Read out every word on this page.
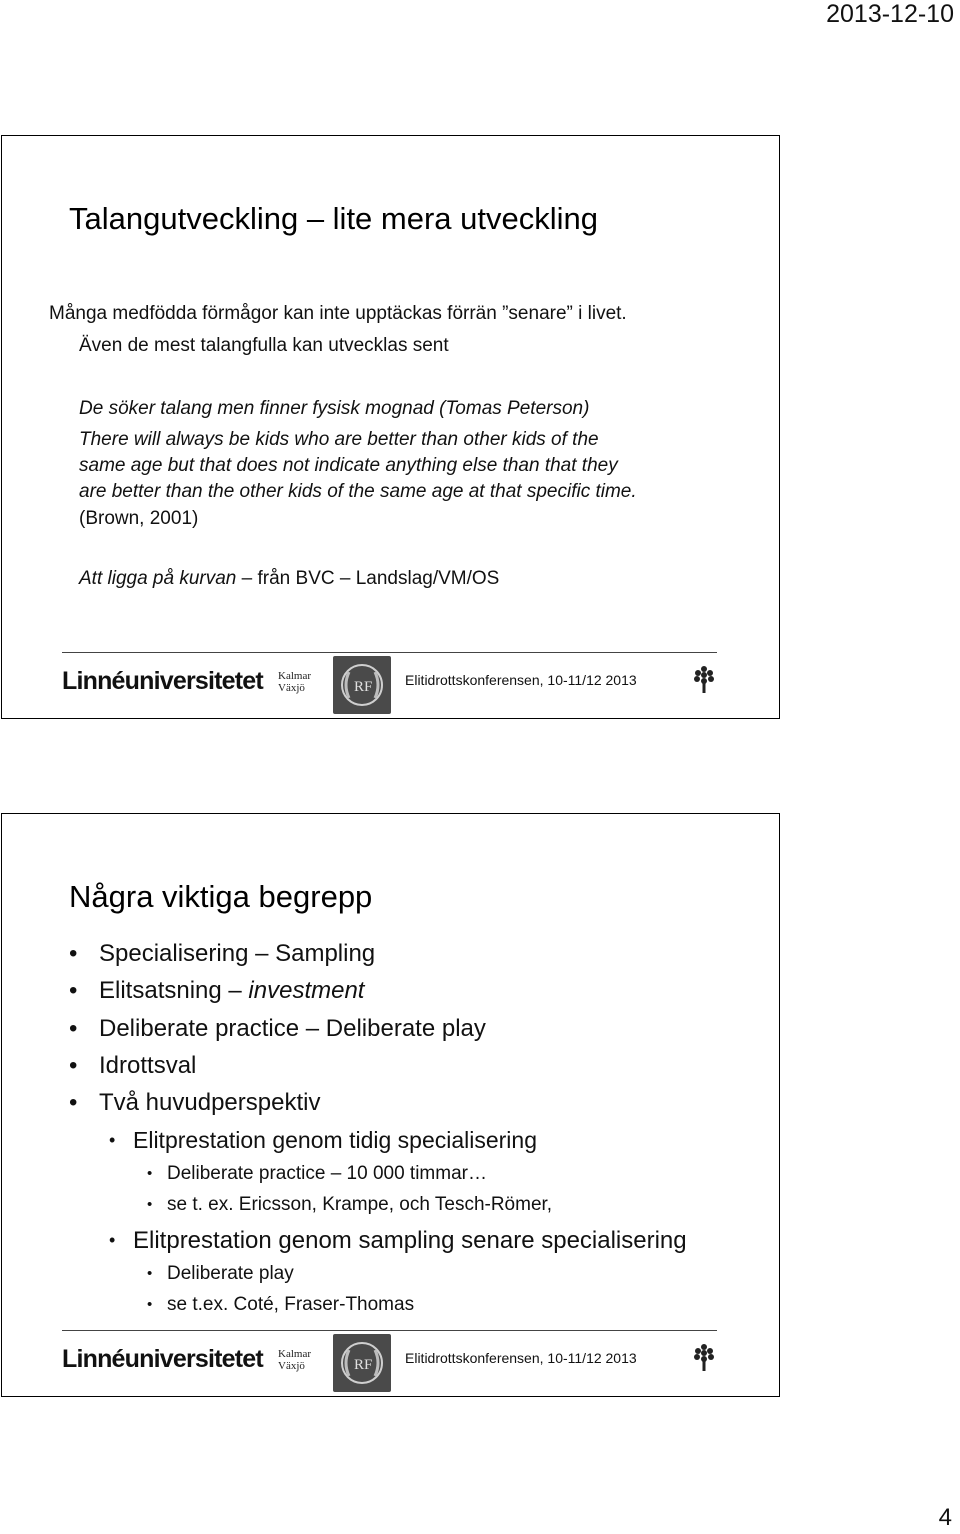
2013-12-10
Talangutveckling – lite mera utveckling
Många medfödda förmågor kan inte upptäckas förrän ”senare” i livet.
Även de mest talangfulla kan utvecklas sent
De söker talang men finner fysisk mognad (Tomas Peterson)
There will always be kids who are better than other kids of the
same age but that does not indicate anything else than that they
are better than the other kids of the same age at that specific time.
(Brown, 2001)
Att ligga på kurvan – från BVC – Landslag/VM/OS
Linnéuniversitetet Kalmar
Växjö	RF Elitidrottskonferensen, 10-11/12 2013
Några viktiga begrepp
• Specialisering – Sampling
• Elitsatsning – investment
• Deliberate practice – Deliberate play
• Idrottsval
• Två huvudperspektiv
• Elitprestation genom tidig specialisering
• Deliberate practice – 10 000 timmar…
• se t. ex. Ericsson, Krampe, och Tesch-Römer,
• Elitprestation genom sampling senare specialisering
• Deliberate play
• se t.ex. Coté, Fraser-Thomas
Linnéuniversitetet Kalmar
Växjö	RF Elitidrottskonferensen, 10-11/12 2013
4
